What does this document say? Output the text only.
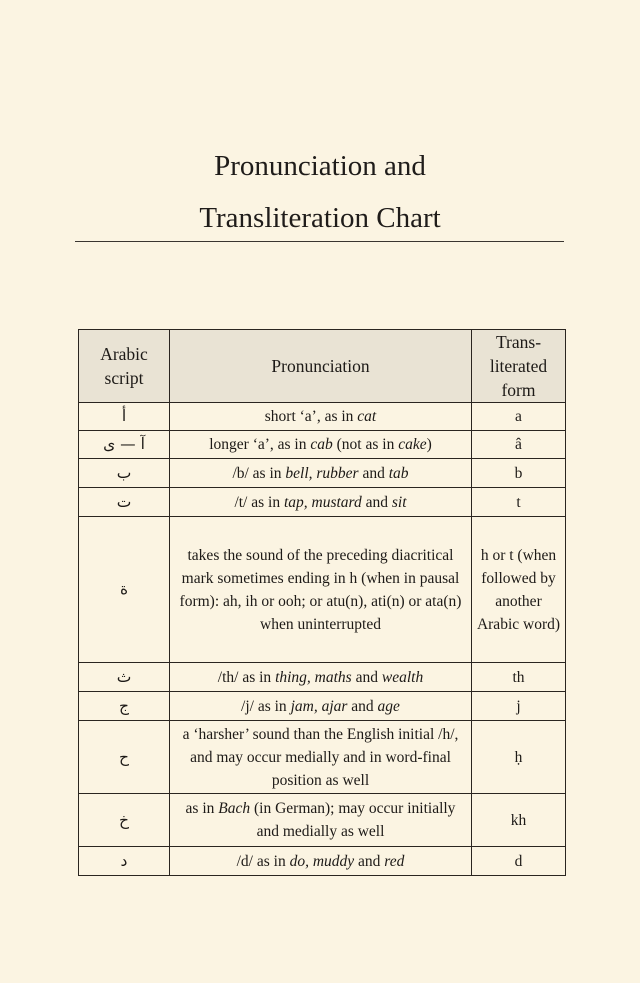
Pronunciation and
Transliteration Chart
Arabic script	Pronunciation	Trans- literated form
أ	short ‘a’, as in cat	a
آ — ى	longer ‘a’, as in cab (not as in cake)	â
ب	/b/ as in bell, rubber and tab	b
ت	/t/ as in tap, mustard and sit	t
ة	takes the sound of the preceding diacritical mark sometimes ending in h (when in pausal form): ah, ih or ooh; or atu(n), ati(n) or ata(n) when uninterrupted	h or t (when followed by another Arabic word)
ث	/th/ as in thing, maths and wealth	th
ج	/j/ as in jam, ajar and age	j
ح	a ‘harsher’ sound than the English initial /h/, and may occur medially and in word-final position as well	ḥ
خ	as in Bach (in German); may occur initially and medially as well	kh
د	/d/ as in do, muddy and red	d
